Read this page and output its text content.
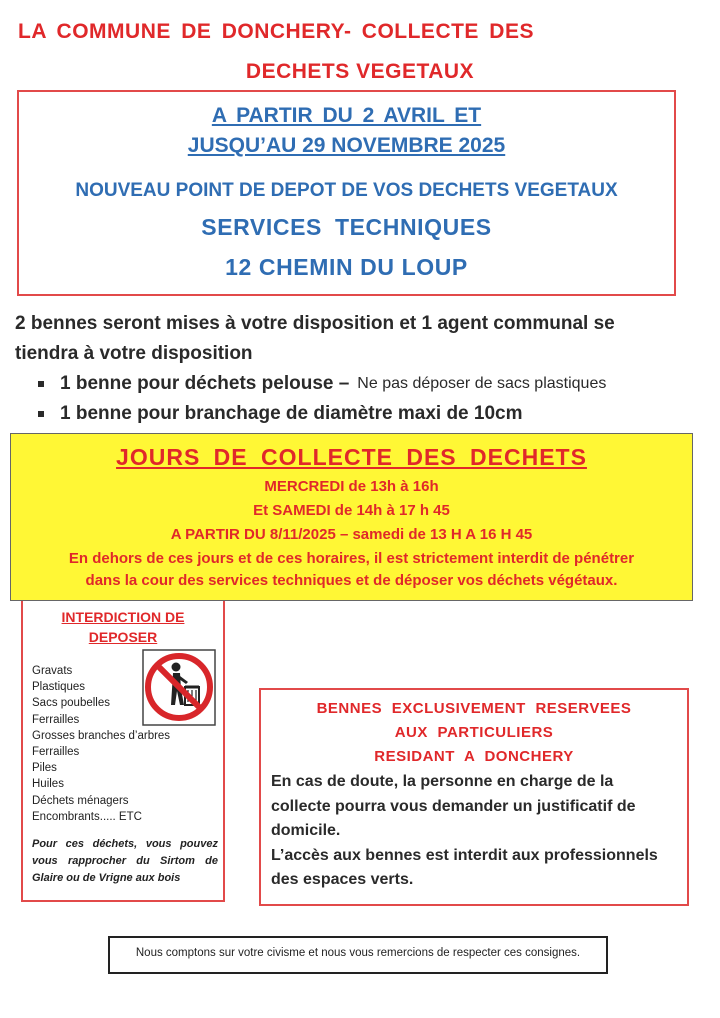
LA COMMUNE DE DONCHERY- COLLECTE DES
DECHETS VEGETAUX
A PARTIR DU 2 AVRIL ET
JUSQU’AU 29 NOVEMBRE 2025
NOUVEAU POINT DE DEPOT DE VOS DECHETS VEGETAUX
SERVICES TECHNIQUES
12 CHEMIN DU LOUP
2 bennes seront mises à votre disposition et 1 agent communal se
tiendra à votre disposition
1 benne pour déchets pelouse – Ne pas déposer de sacs plastiques
1 benne pour branchage de diamètre maxi de 10cm
JOURS DE COLLECTE DES DECHETS
MERCREDI de 13h à 16h
Et SAMEDI de 14h à 17 h 45
A PARTIR DU 8/11/2025 – samedi de 13 H A 16 H 45
En dehors de ces jours et de ces horaires, il est strictement interdit de pénétrer
dans la cour des services techniques et de déposer vos déchets végétaux.
INTERDICTION DE
DEPOSER
Gravats
Plastiques
Sacs poubelles
Ferrailles
Grosses branches d’arbres
Ferrailles
Piles
Huiles
Déchets ménagers
Encombrants..... ETC
Pour ces déchets, vous pouvez vous rapprocher du Sirtom de Glaire ou de Vrigne aux bois
BENNES EXCLUSIVEMENT RESERVEES
AUX PARTICULIERS
RESIDANT A DONCHERY
En cas de doute, la personne en charge de la
collecte pourra vous demander un justificatif de
domicile.
L’accès aux bennes est interdit aux professionnels
des espaces verts.
Nous comptons sur votre civisme et nous vous remercions de respecter ces consignes.
